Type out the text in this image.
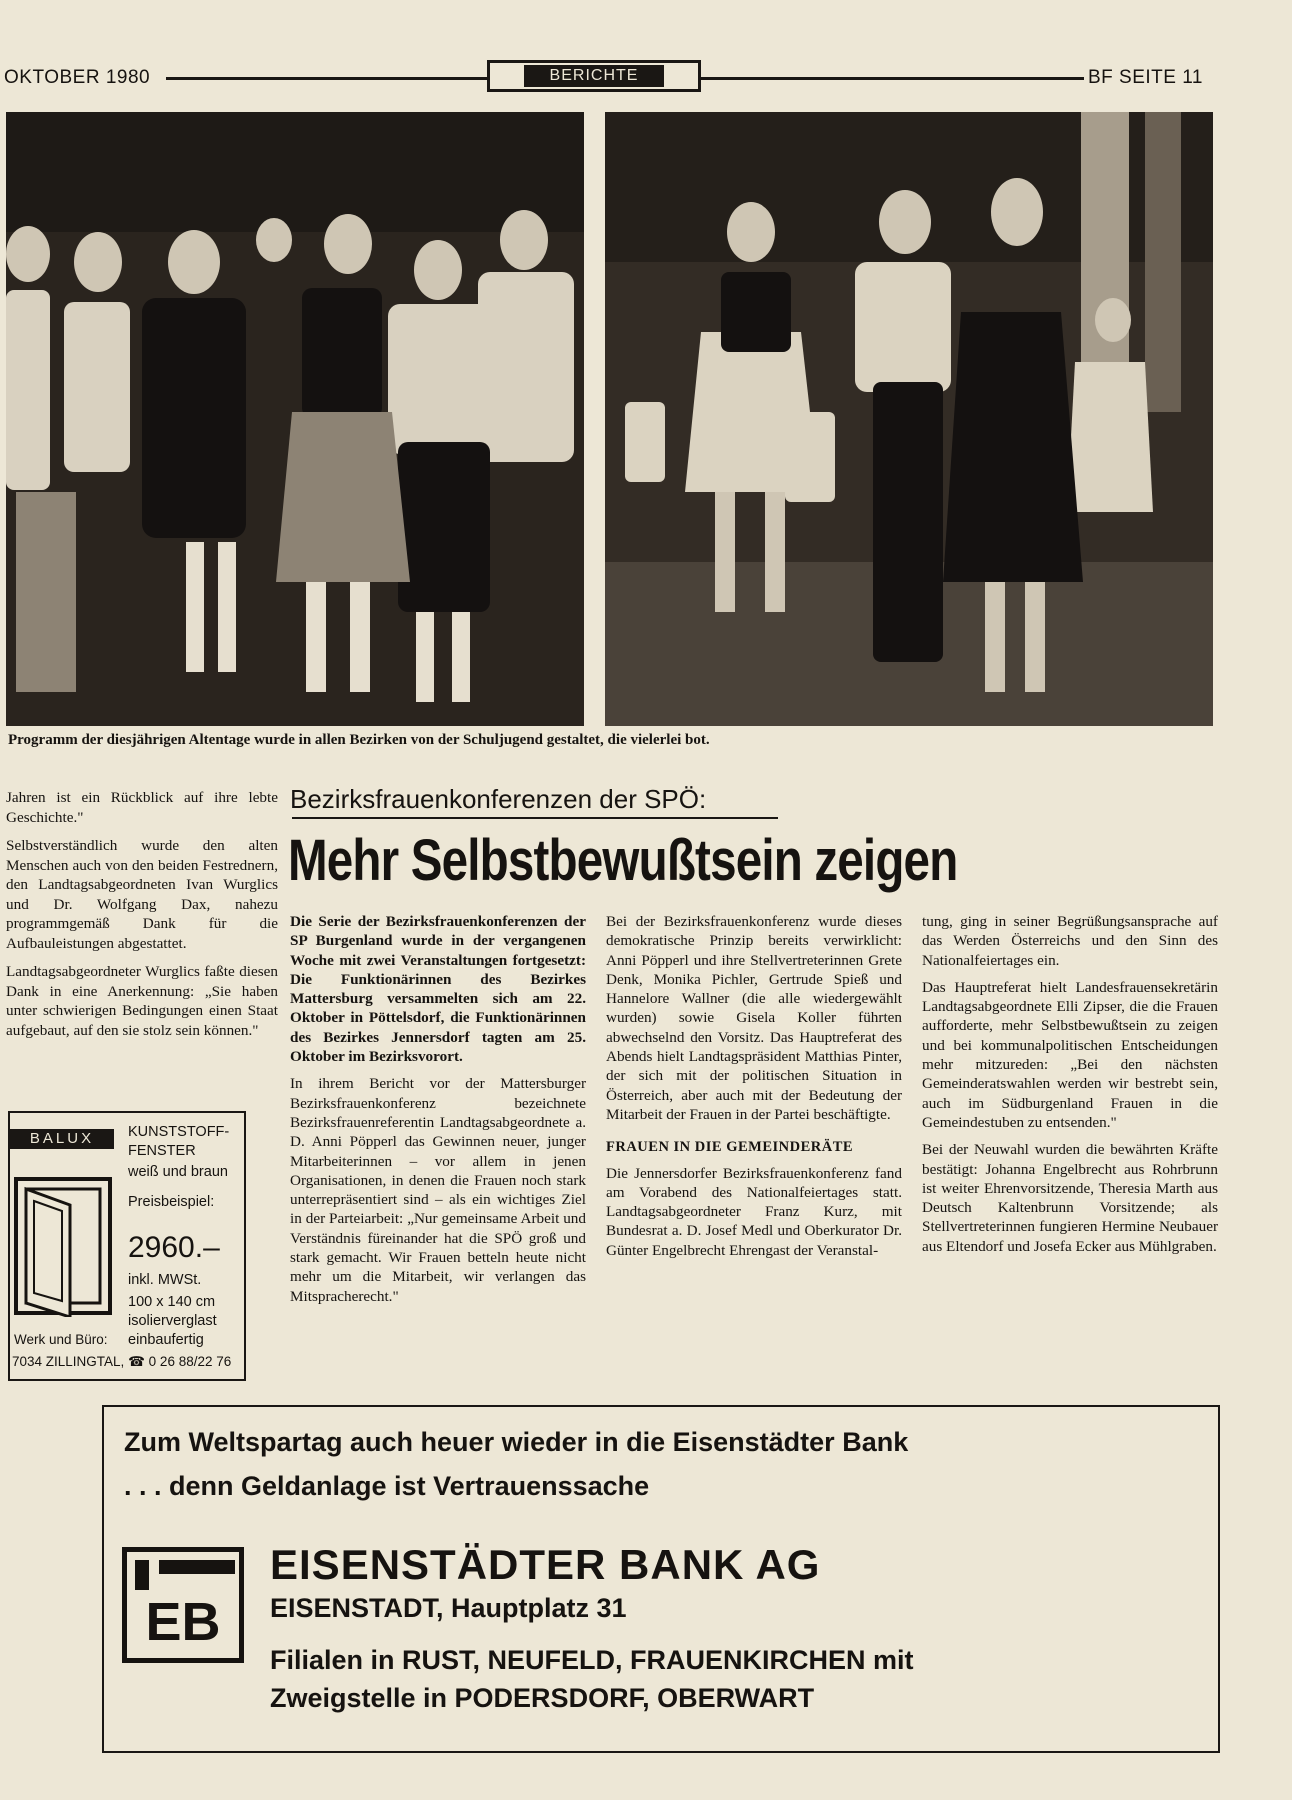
OKTOBER 1980	BERICHTE	BF SEITE 11
Programm der diesjährigen Altentage wurde in allen Bezirken von der Schuljugend gestaltet, die vielerlei bot.

Jahren ist ein Rückblick auf ihre lebte Geschichte."

Selbstverständlich wurde den alten Menschen auch von den beiden Festrednern, den Landtagsabgeordneten Ivan Wurglics und Dr. Wolfgang Dax, nahezu programmgemäß Dank für die Aufbauleistungen abgestattet.

Landtagsabgeordneter Wurglics faßte diesen Dank in eine Anerkennung: „Sie haben unter schwierigen Bedingungen einen Staat aufgebaut, auf den sie stolz sein können."

BALUX	KUNSTSTOFF-
FENSTER
weiß und braun
Preisbeispiel:
2960.–
inkl. MWSt.
100 x 140 cm
isolierverglast
einbaufertig
Werk und Büro:
7034 ZILLINGTAL, ☎ 0 26 88/22 76
Bezirksfrauenkonferenzen der SPÖ:
Mehr Selbstbewußtsein zeigen

Die Serie der Bezirksfrauenkonferenzen der SP Burgenland wurde in der vergangenen Woche mit zwei Veranstaltungen fortgesetzt: Die Funktionärinnen des Bezirkes Mattersburg versammelten sich am 22. Oktober in Pöttelsdorf, die Funktionärinnen des Bezirkes Jennersdorf tagten am 25. Oktober im Bezirksvorort.

In ihrem Bericht vor der Mattersburger Bezirksfrauenkonferenz bezeichnete Bezirksfrauenreferentin Landtagsabgeordnete a. D. Anni Pöpperl das Gewinnen neuer, junger Mitarbeiterinnen – vor allem in jenen Organisationen, in denen die Frauen noch stark unterrepräsentiert sind – als ein wichtiges Ziel in der Parteiarbeit: „Nur gemeinsame Arbeit und Verständnis füreinander hat die SPÖ groß und stark gemacht. Wir Frauen betteln heute nicht mehr um die Mitarbeit, wir verlangen das Mitspracherecht."

Bei der Bezirksfrauenkonferenz wurde dieses demokratische Prinzip bereits verwirklicht: Anni Pöpperl und ihre Stellvertreterinnen Grete Denk, Monika Pichler, Gertrude Spieß und Hannelore Wallner (die alle wiedergewählt wurden) sowie Gisela Koller führten abwechselnd den Vorsitz. Das Hauptreferat des Abends hielt Landtagspräsident Matthias Pinter, der sich mit der politischen Situation in Österreich, aber auch mit der Bedeutung der Mitarbeit der Frauen in der Partei beschäftigte.

FRAUEN IN DIE GEMEINDERÄTE

Die Jennersdorfer Bezirksfrauenkonferenz fand am Vorabend des Nationalfeiertages statt. Landtagsabgeordneter Franz Kurz, mit Bundesrat a. D. Josef Medl und Oberkurator Dr. Günter Engelbrecht Ehrengast der Veranstal-

tung, ging in seiner Begrüßungsansprache auf das Werden Österreichs und den Sinn des Nationalfeiertages ein.

Das Hauptreferat hielt Landesfrauensekretärin Landtagsabgeordnete Elli Zipser, die die Frauen aufforderte, mehr Selbstbewußtsein zu zeigen und bei kommunalpolitischen Entscheidungen mehr mitzureden: „Bei den nächsten Gemeinderatswahlen werden wir bestrebt sein, auch im Südburgenland Frauen in die Gemeindestuben zu entsenden."

Bei der Neuwahl wurden die bewährten Kräfte bestätigt: Johanna Engelbrecht aus Rohrbrunn ist weiter Ehrenvorsitzende, Theresia Marth aus Deutsch Kaltenbrunn Vorsitzende; als Stellvertreterinnen fungieren Hermine Neubauer aus Eltendorf und Josefa Ecker aus Mühlgraben.

Zum Weltspartag auch heuer wieder in die Eisenstädter Bank
. . . denn Geldanlage ist Vertrauenssache
EB
EISENSTÄDTER BANK AG
EISENSTADT, Hauptplatz 31
Filialen in RUST, NEUFELD, FRAUENKIRCHEN mit
Zweigstelle in PODERSDORF, OBERWART
